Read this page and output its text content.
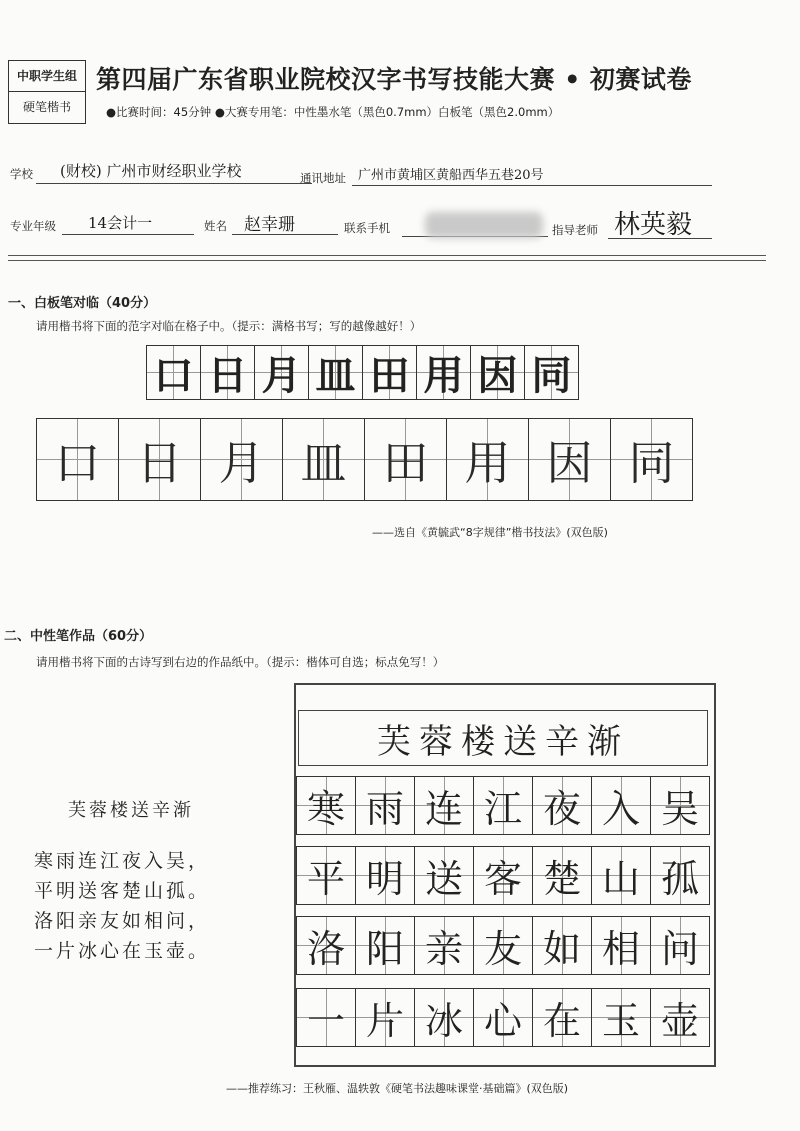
中职学生组
硬笔楷书
第四届广东省职业院校汉字书写技能大赛 • 初赛试卷
●比赛时间：45分钟 ●大赛专用笔：中性墨水笔（黑色0.7mm）白板笔（黑色2.0mm）
学校 (财校) 广州市财经职业学校	通讯地址 广州市黄埔区黄船西华五巷20号
专业年级 14会计一	姓名 赵幸珊	联系手机	指导老师 林英毅
一、白板笔对临（40分）
请用楷书将下面的范字对临在格子中。（提示：满格书写；写的越像越好！）
口 日 月 皿 田 用 因 同
口 日 月 皿 田 用 因 同
——选自《黄毓武“8字规律”楷书技法》(双色版)
二、中性笔作品（60分）
请用楷书将下面的古诗写到右边的作品纸中。（提示：楷体可自选；标点免写！）
芙蓉楼送辛渐
寒雨连江夜入吴，
平明送客楚山孤。
洛阳亲友如相问，
一片冰心在玉壶。
芙蓉楼送辛渐
寒 雨 连 江 夜 入 吴
平 明 送 客 楚 山 孤
洛 阳 亲 友 如 相 问
一 片 冰 心 在 玉 壶
——推荐练习：王秋雁、温轶敦《硬笔书法趣味课堂·基础篇》(双色版)
